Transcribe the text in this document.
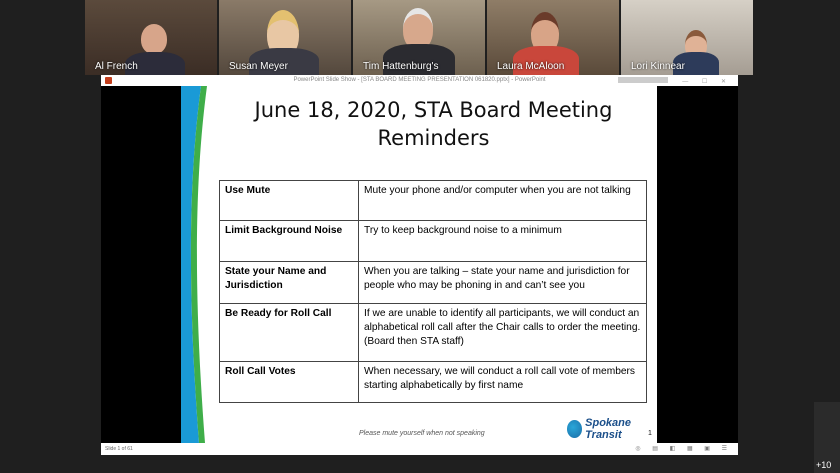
Al French	Susan Meyer	Tim Hattenburg's	Laura McAloon	Lori Kinnear
PowerPoint Slide Show - [STA BOARD MEETING PRESENTATION 061820.pptx] - PowerPoint	— ☐ ✕
June 18, 2020, STA Board Meeting
Reminders
Use Mute	Mute your phone and/or computer when you are not talking
Limit Background Noise	Try to keep background noise to a minimum
State your Name and Jurisdiction	When you are talking – state your name and jurisdiction for people who may be phoning in and can’t see you
Be Ready for Roll Call	If we are unable to identify all participants, we will conduct an alphabetical roll call after the Chair calls to order the meeting. (Board then STA staff)
Roll Call Votes	When necessary, we will conduct a roll call vote of members starting alphabetically by first name
Please mute yourself when not speaking
Spokane Transit	1
Slide 1 of 61	◎ ▤ ◧ ▦ ▣ ☰
+10
